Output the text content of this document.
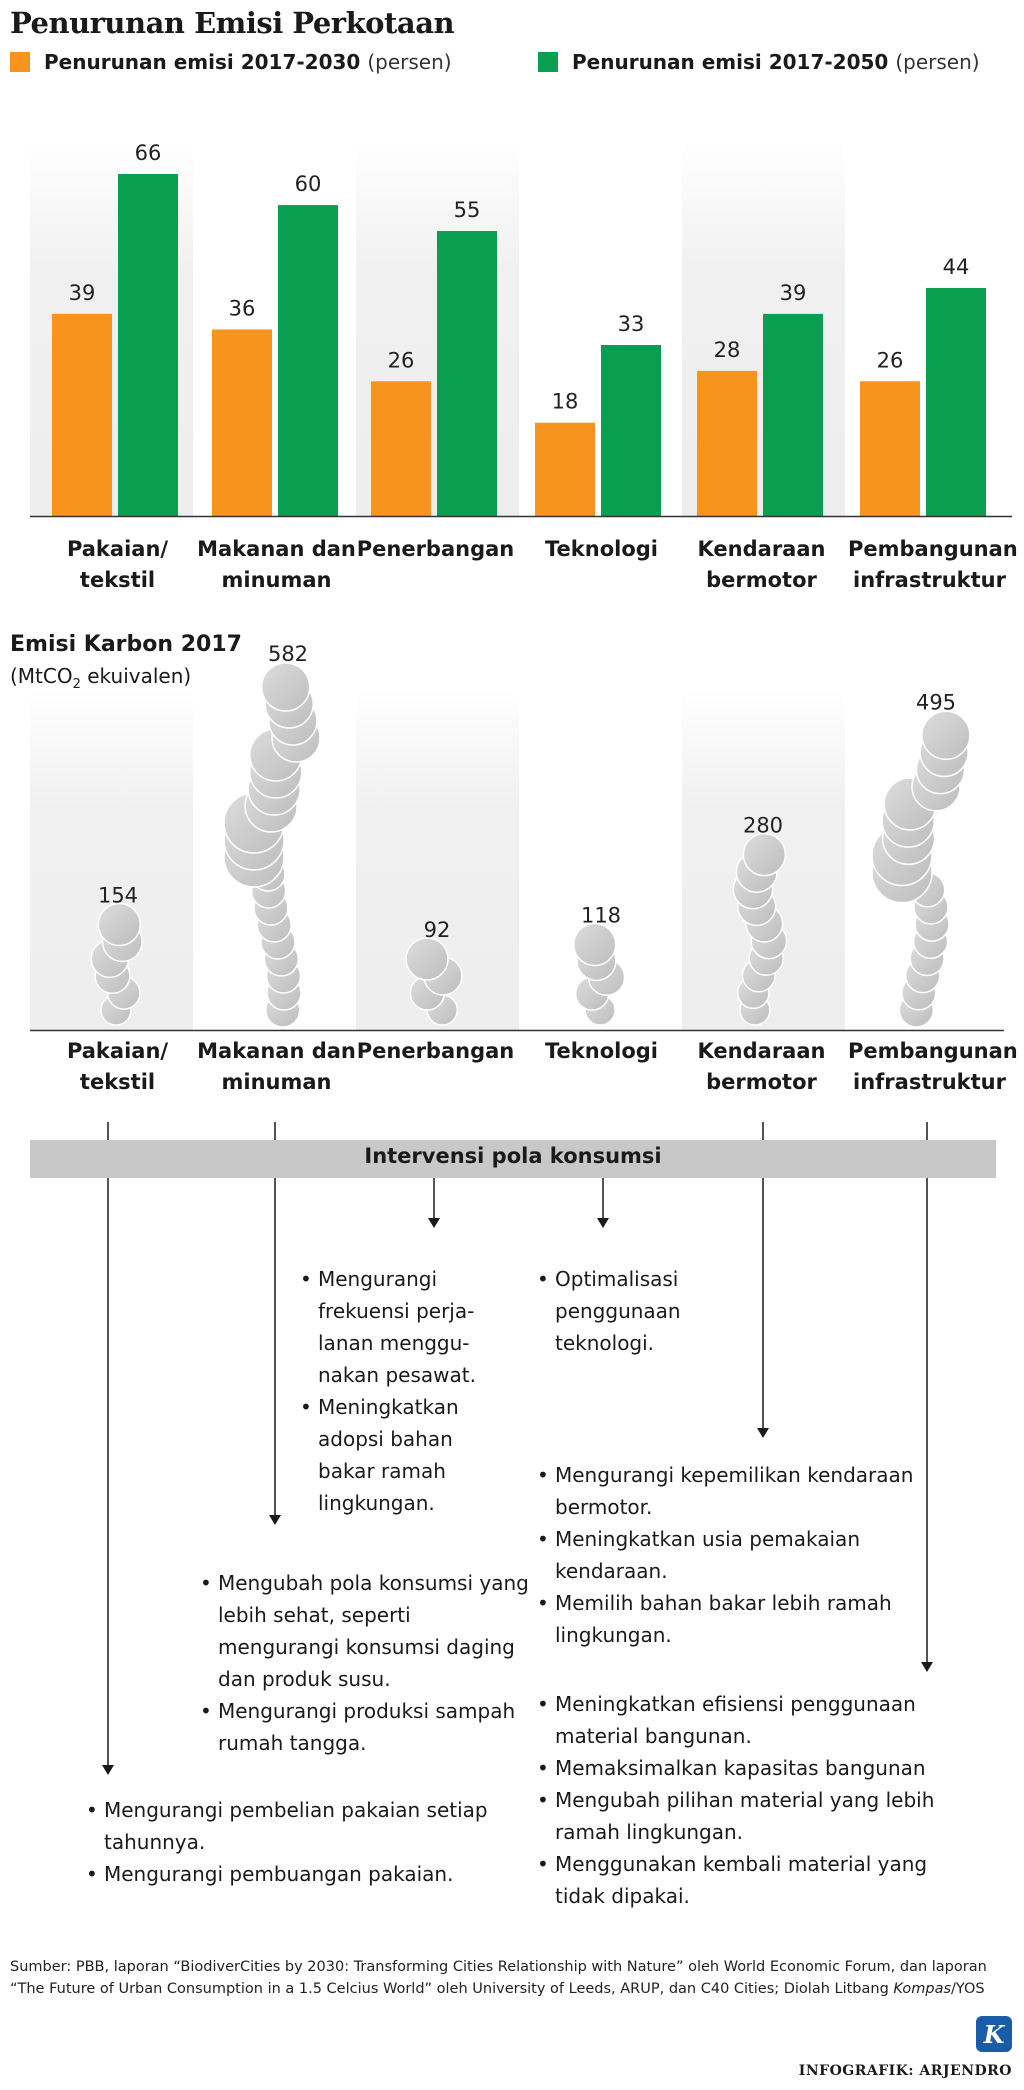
Penurunan Emisi Perkotaan
Penurunan emisi 2017-2030 (persen)	Penurunan emisi 2017-2050 (persen)
39
66
36
60
26
55
18
33
28
39
26
44
154
582
92
118
280
495
Pakaian/
tekstil
Makanan dan
minuman
Penerbangan	Teknologi	Kendaraan
bermotor
Pembangunan
infrastruktur
Emisi Karbon 2017
(MtCO$_2$ ekuivalen)
Pakaian/
tekstil
Makanan dan
minuman
Penerbangan	Teknologi	Kendaraan
bermotor
Pembangunan
infrastruktur
Intervensi pola konsumsi
• Mengurangi frekuensi perja-lanan menggu-nakan pesawat.
• Meningkatkan adopsi bahan bakar ramah lingkungan.
• Optimalisasi penggunaan teknologi.
• Mengurangi kepemilikan kendaraan bermotor.
• Meningkatkan usia pemakaian kendaraan.
• Memilih bahan bakar lebih ramah lingkungan.
• Mengubah pola konsumsi yang lebih sehat, seperti mengurangi konsumsi daging dan produk susu.
• Mengurangi produksi sampah rumah tangga.
• Meningkatkan efisiensi penggunaan material bangunan.
• Memaksimalkan kapasitas bangunan
• Mengubah pilihan material yang lebih ramah lingkungan.
• Menggunakan kembali material yang tidak dipakai.
• Mengurangi pembelian pakaian setiap tahunnya.
• Mengurangi pembuangan pakaian.
Sumber: PBB, laporan “BiodiverCities by 2030: Transforming Cities Relationship with Nature” oleh World Economic Forum, dan laporan “The Future of Urban Consumption in a 1.5 Celcius World” oleh University of Leeds, ARUP, dan C40 Cities; Diolah Litbang Kompas/YOS
K
INFOGRAFIK: ARJENDRO
